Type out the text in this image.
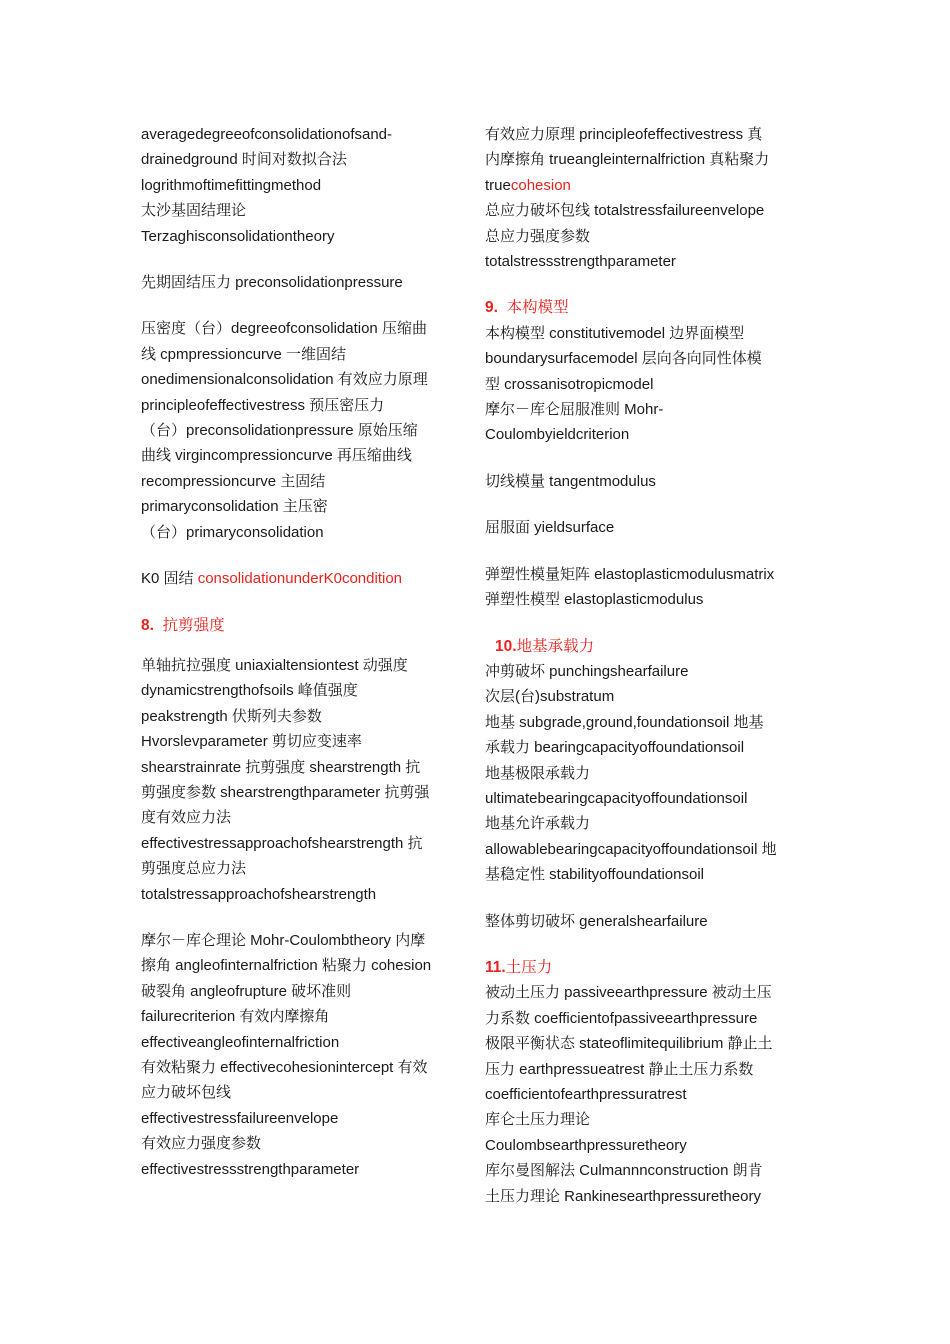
averagedegreeofconsolidationofsand-
drainedground 时间对数拟合法
logrithmoftimefittingmethod
太沙基固结理论
Terzaghisconsolidationtheory

先期固结压力 preconsolidationpressure

压密度（台）degreeofconsolidation 压缩曲
线 cpmpressioncurve 一维固结
onedimensionalconsolidation 有效应力原理
principleofeffectivestress 预压密压力
（台）preconsolidationpressure 原始压缩
曲线 virgincompressioncurve 再压缩曲线
recompressioncurve 主固结
primaryconsolidation 主压密
（台）primaryconsolidation

K0 固结 consolidationunderK0condition

8. 抗剪强度

单轴抗拉强度 uniaxialtensiontest 动强度
dynamicstrengthofsoils 峰值强度
peakstrength 伏斯列夫参数
Hvorslevparameter 剪切应变速率
shearstrainrate 抗剪强度 shearstrength 抗
剪强度参数 shearstrengthparameter 抗剪强
度有效应力法
effectivestressapproachofshearstrength 抗
剪强度总应力法
totalstressapproachofshearstrength

摩尔－库仑理论 Mohr-Coulombtheory 内摩
擦角 angleofinternalfriction 粘聚力 cohesion
破裂角 angleofrupture 破坏准则
failurecriterion 有效内摩擦角
effectiveangleofinternalfriction
有效粘聚力 effectivecohesionintercept 有效
应力破坏包线
effectivestressfailureenvelope
有效应力强度参数
effectivestressstrengthparameter

有效应力原理 principleofeffectivestress 真
内摩擦角 trueangleinternalfriction 真粘聚力
truecohesion
总应力破坏包线 totalstressfailureenvelope
总应力强度参数
totalstressstrengthparameter

9. 本构模型

本构模型 constitutivemodel 边界面模型
boundarysurfacemodel 层向各向同性体模
型 crossanisotropicmodel
摩尔－库仑屈服准则 Mohr-
Coulombyieldcriterion

切线模量 tangentmodulus

屈服面 yieldsurface

弹塑性模量矩阵 elastoplasticmodulusmatrix
弹塑性模型 elastoplasticmodulus

10.地基承载力

冲剪破坏 punchingshearfailure
次层(台)substratum
地基 subgrade,ground,foundationsoil 地基
承载力 bearingcapacityoffoundationsoil
地基极限承载力
ultimatebearingcapacityoffoundationsoil
地基允许承载力
allowablebearingcapacityoffoundationsoil 地
基稳定性 stabilityoffoundationsoil

整体剪切破坏 generalshearfailure

11.土压力

被动土压力 passiveearthpressure 被动土压
力系数 coefficientofpassiveearthpressure
极限平衡状态 stateoflimitequilibrium 静止土
压力 earthpressueatrest 静止土压力系数
coefficientofearthpressuratrest
库仑土压力理论
Coulombsearthpressuretheory
库尔曼图解法 Culmannnconstruction 朗肯
土压力理论 Rankinesearthpressuretheory
